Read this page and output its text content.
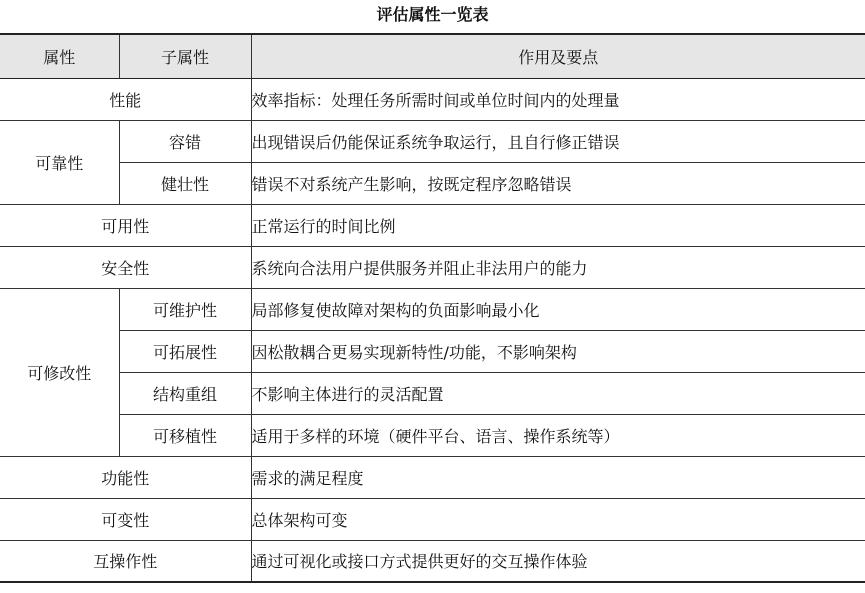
评估属性一览表
属性	子属性	作用及要点
性能		效率指标：处理任务所需时间或单位时间内的处理量
可靠性	容错	出现错误后仍能保证系统争取运行，且自行修正错误
	健壮性	错误不对系统产生影响，按既定程序忽略错误
可用性		正常运行的时间比例
安全性		系统向合法用户提供服务并阻止非法用户的能力
可修改性	可维护性	局部修复使故障对架构的负面影响最小化
	可拓展性	因松散耦合更易实现新特性/功能，不影响架构
	结构重组	不影响主体进行的灵活配置
	可移植性	适用于多样的环境（硬件平台、语言、操作系统等）
功能性		需求的满足程度
可变性		总体架构可变
互操作性		通过可视化或接口方式提供更好的交互操作体验
